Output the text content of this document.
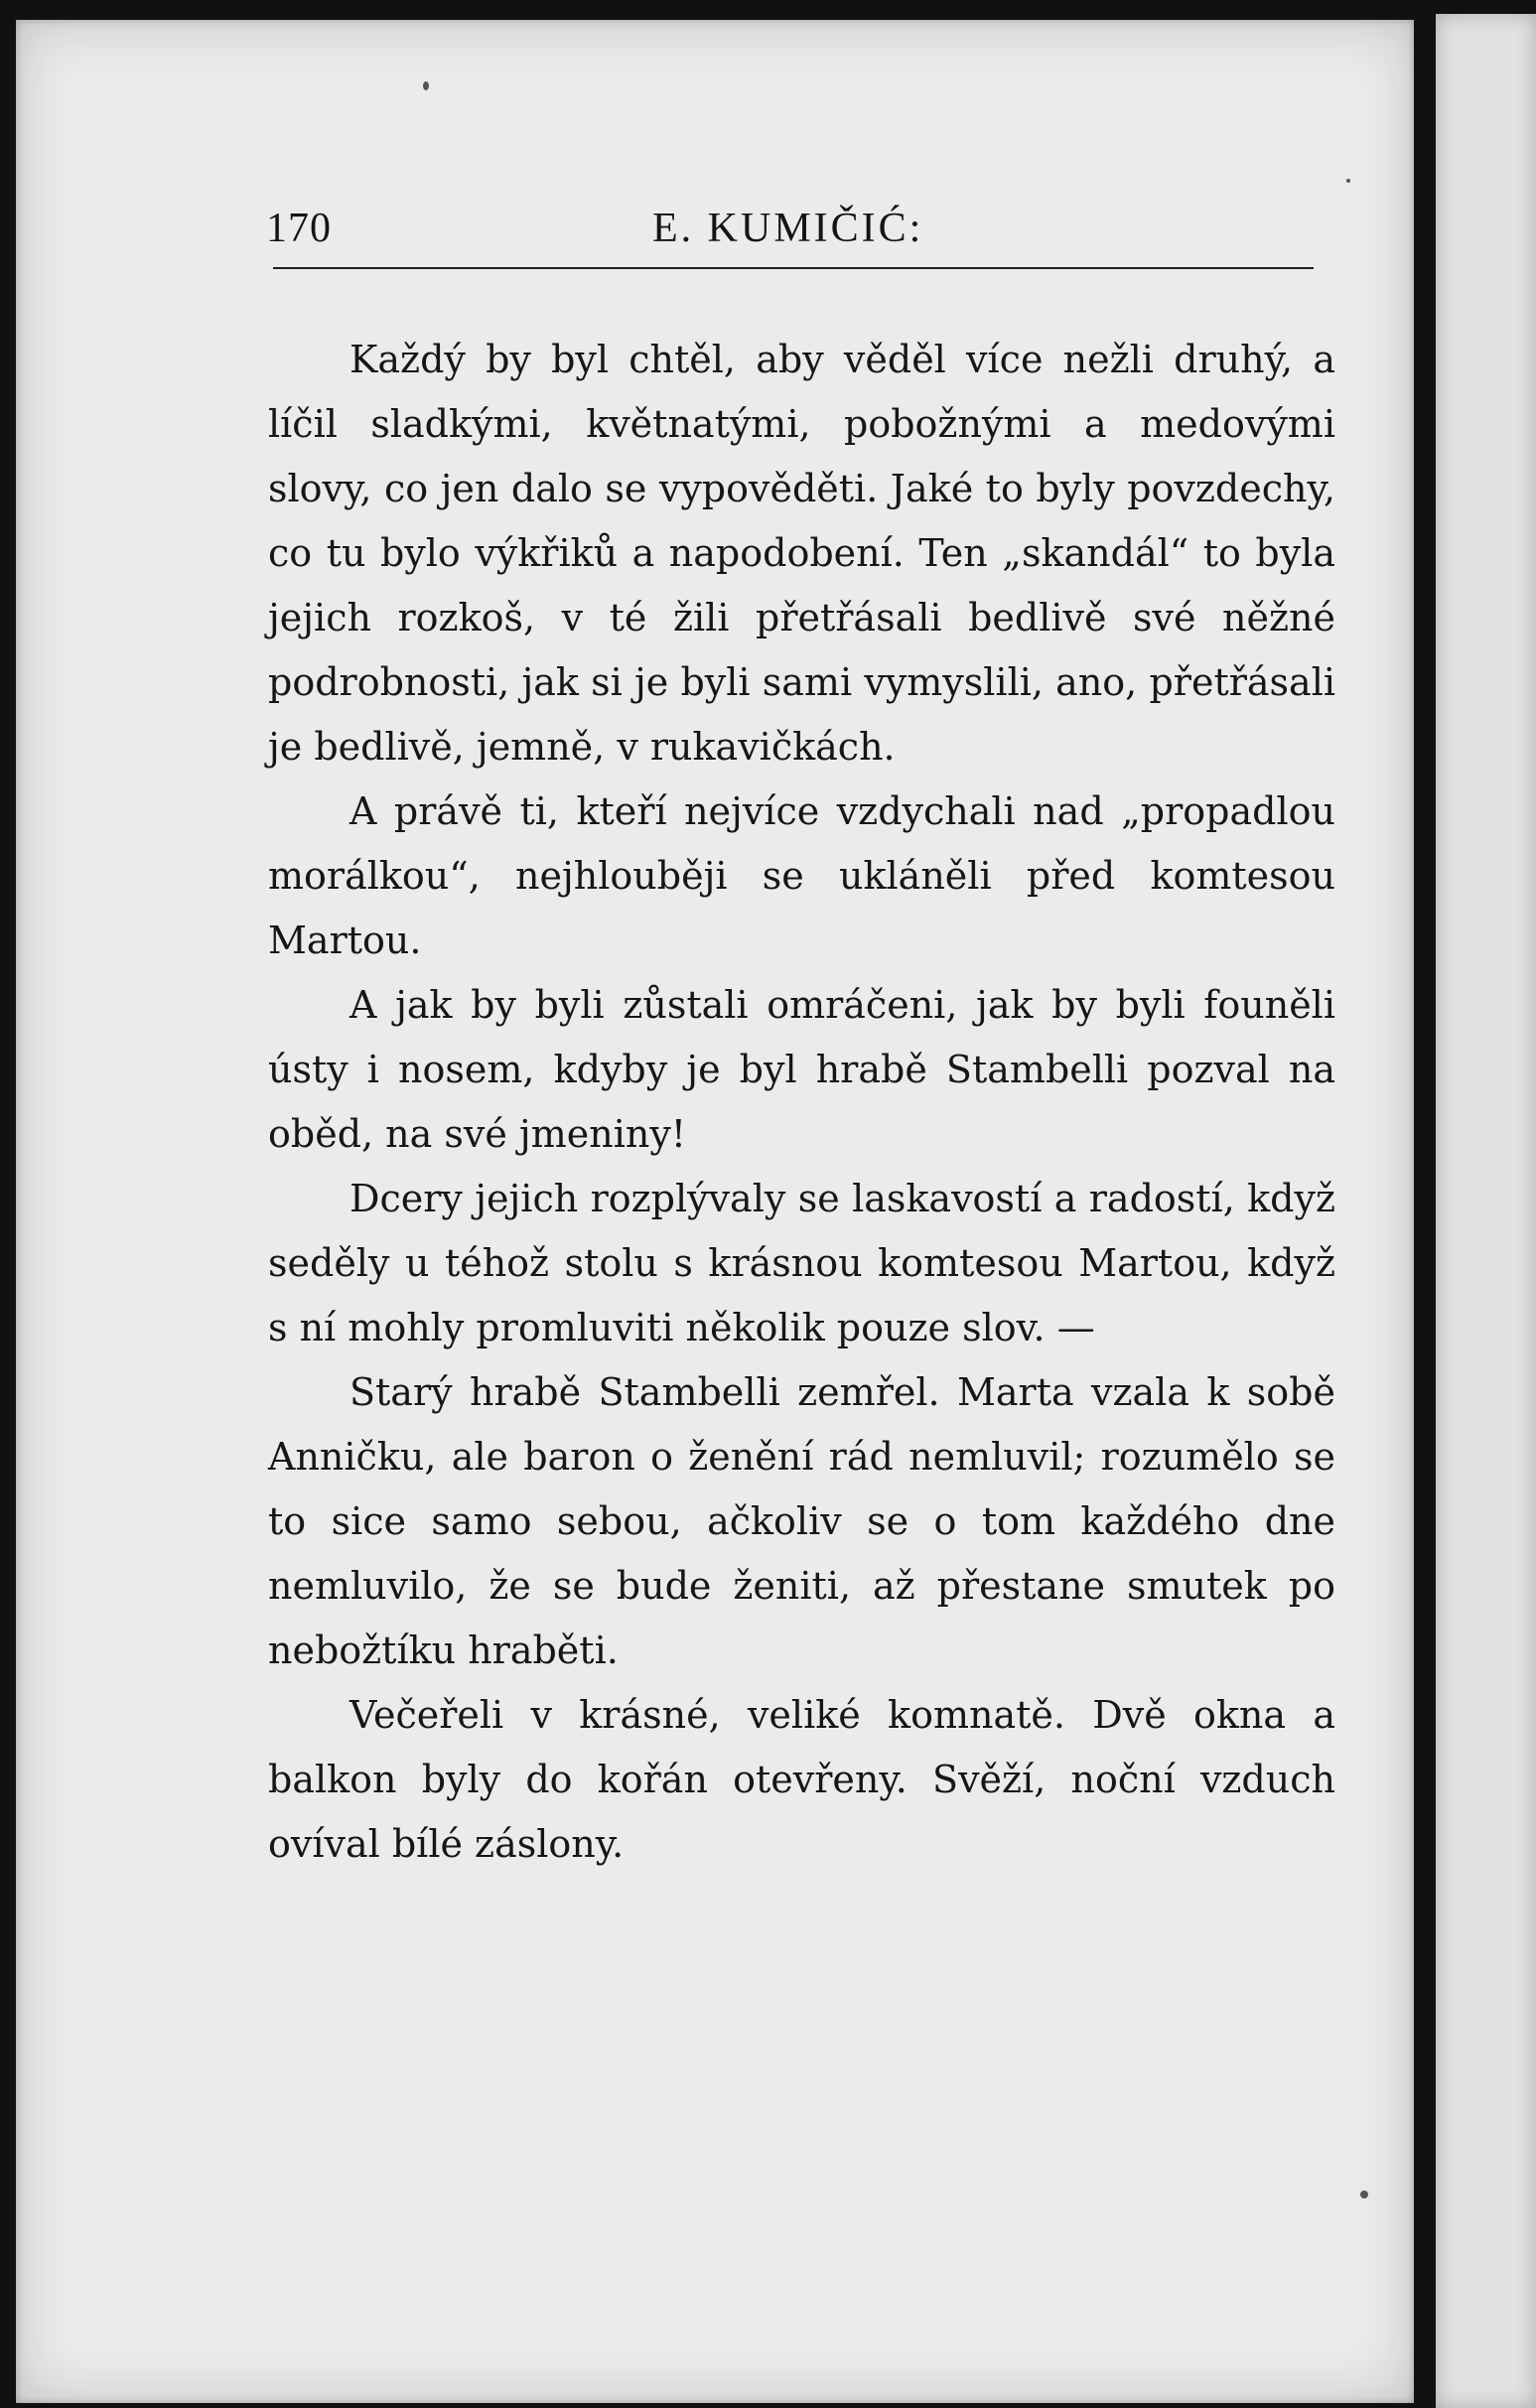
170	E. KUMIČIĆ:

Každý by byl chtěl, aby věděl více nežli druhý, a líčil sladkými, květnatými, pobožnými a medovými slovy, co jen dalo se vypověděti. Jaké to byly povzdechy, co tu bylo výkřiků a napodobení. Ten „skandál“ to byla jejich rozkoš, v té žili přetřásali bedlivě své něžné podrobnosti, jak si je byli sami vymyslili, ano, přetřásali je bedlivě, jemně, v rukavičkách.

A právě ti, kteří nejvíce vzdychali nad „propadlou morálkou“, nejhlouběji se ukláněli před komtesou Martou.

A jak by byli zůstali omráčeni, jak by byli founěli ústy i nosem, kdyby je byl hrabě Stambelli pozval na oběd, na své jmeniny!

Dcery jejich rozplývaly se laskavostí a radostí, když seděly u téhož stolu s krásnou komtesou Martou, když s ní mohly promluviti několik pouze slov. —

Starý hrabě Stambelli zemřel. Marta vzala k sobě Anničku, ale baron o ženění rád nemluvil; rozumělo se to sice samo sebou, ačkoliv se o tom každého dne nemluvilo, že se bude ženiti, až přestane smutek po nebožtíku hraběti.

Večeřeli v krásné, veliké komnatě. Dvě okna a balkon byly do kořán otevřeny. Svěží, noční vzduch ovíval bílé záslony.
